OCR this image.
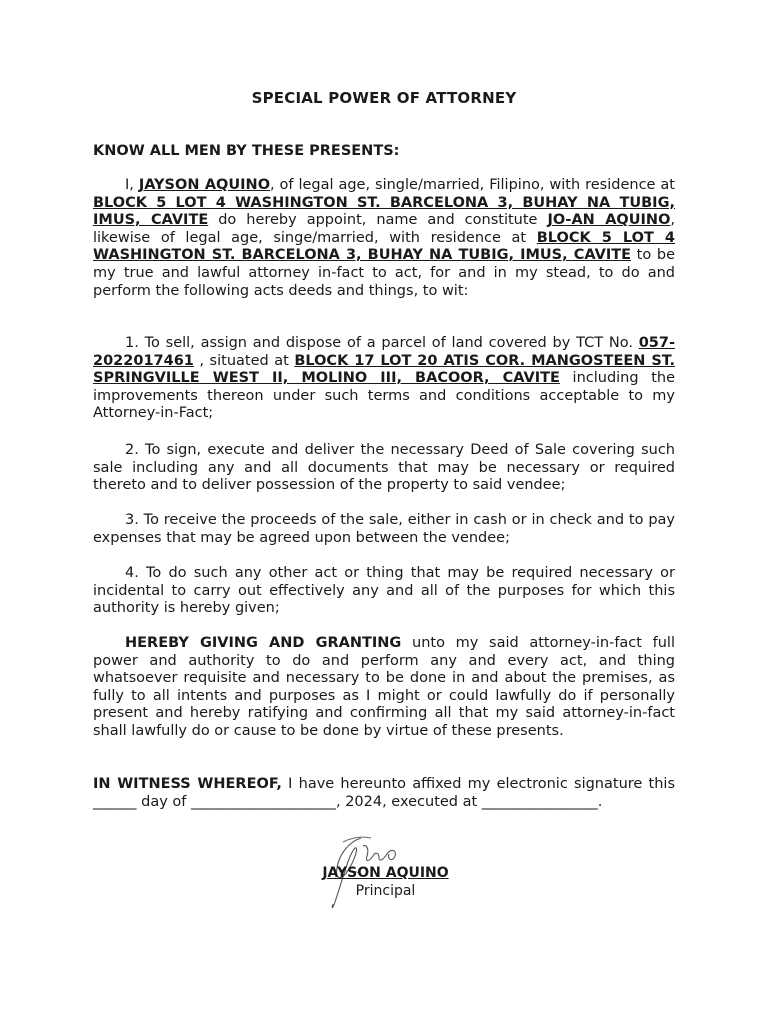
SPECIAL POWER OF ATTORNEY
KNOW ALL MEN BY THESE PRESENTS:

I, JAYSON AQUINO, of legal age, single/married, Filipino, with residence at BLOCK 5 LOT 4 WASHINGTON ST. BARCELONA 3, BUHAY NA TUBIG, IMUS, CAVITE do hereby appoint, name and constitute JO-AN AQUINO, likewise of legal age, singe/married, with residence at BLOCK 5 LOT 4 WASHINGTON ST. BARCELONA 3, BUHAY NA TUBIG, IMUS, CAVITE to be my true and lawful attorney in-fact to act, for and in my stead, to do and perform the following acts deeds and things, to wit:

1. To sell, assign and dispose of a parcel of land covered by TCT No. 057-2022017461 , situated at BLOCK 17 LOT 20 ATIS COR. MANGOSTEEN ST. SPRINGVILLE WEST II, MOLINO III, BACOOR, CAVITE including the improvements thereon under such terms and conditions acceptable to my Attorney-in-Fact;

2. To sign, execute and deliver the necessary Deed of Sale covering such sale including any and all documents that may be necessary or required thereto and to deliver possession of the property to said vendee;

3. To receive the proceeds of the sale, either in cash or in check and to pay expenses that may be agreed upon between the vendee;

4. To do such any other act or thing that may be required necessary or incidental to carry out effectively any and all of the purposes for which this authority is hereby given;

HEREBY GIVING AND GRANTING unto my said attorney-in-fact full power and authority to do and perform any and every act, and thing whatsoever requisite and necessary to be done in and about the premises, as fully to all intents and purposes as I might or could lawfully do if personally present and hereby ratifying and confirming all that my said attorney-in-fact shall lawfully do or cause to be done by virtue of these presents.

IN WITNESS WHEREOF, I have hereunto affixed my electronic signature this ______ day of ____________________, 2024, executed at ________________.

JAYSON AQUINO
Principal
